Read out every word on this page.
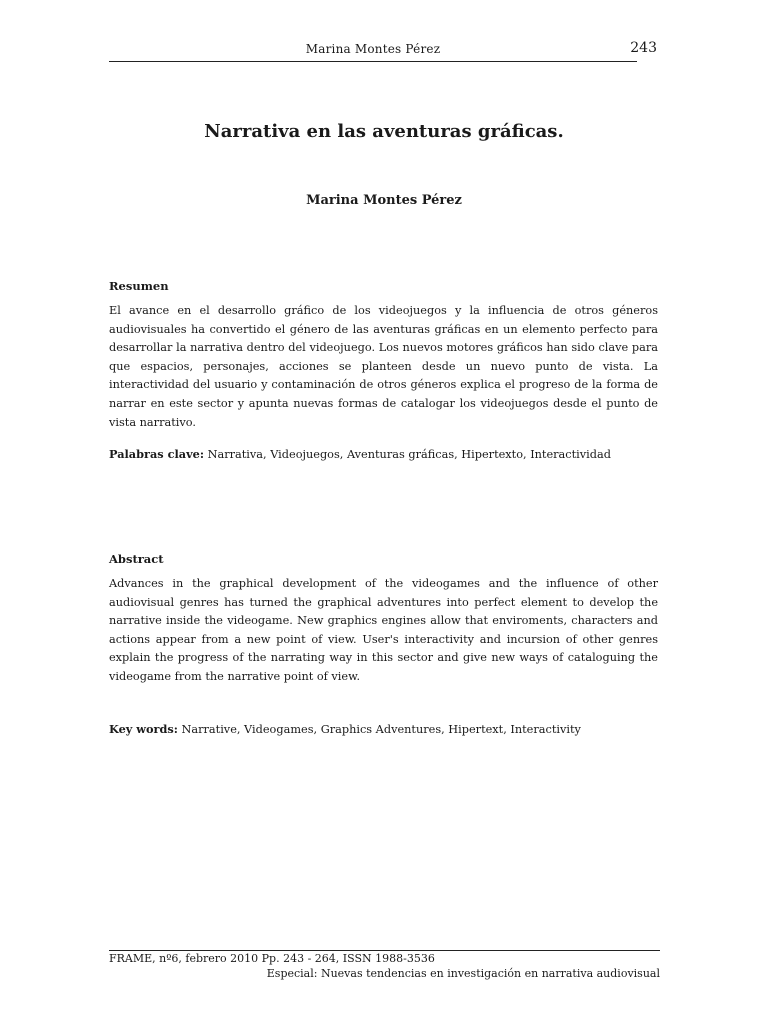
Marina Montes Pérez	243
Narrativa en las aventuras gráficas.
Marina Montes Pérez
Resumen
El avance en el desarrollo gráfico de los videojuegos y la influencia de otros géneros audiovisuales ha convertido el género de las aventuras gráficas en un elemento perfecto para desarrollar la narrativa dentro del videojuego. Los nuevos motores gráficos han sido clave para que espacios, personajes, acciones se planteen desde un nuevo punto de vista. La interactividad del usuario y contaminación de otros géneros explica el progreso de la forma de narrar en este sector y apunta nuevas formas de catalogar los videojuegos desde el punto de vista narrativo.
Palabras clave: Narrativa, Videojuegos, Aventuras gráficas, Hipertexto, Interactividad
Abstract
Advances in the graphical development of the videogames and the influence of other audiovisual genres has turned the graphical adventures into perfect element to develop the narrative inside the videogame. New graphics engines allow that enviroments, characters and actions appear from a new point of view. User's interactivity and incursion of other genres explain the progress of the narrating way in this sector and give new ways of cataloguing the videogame from the narrative point of view.
Key words: Narrative, Videogames, Graphics Adventures, Hipertext, Interactivity
FRAME, nº6, febrero 2010 Pp. 243 - 264, ISSN 1988-3536
Especial: Nuevas tendencias en investigación en narrativa audiovisual
